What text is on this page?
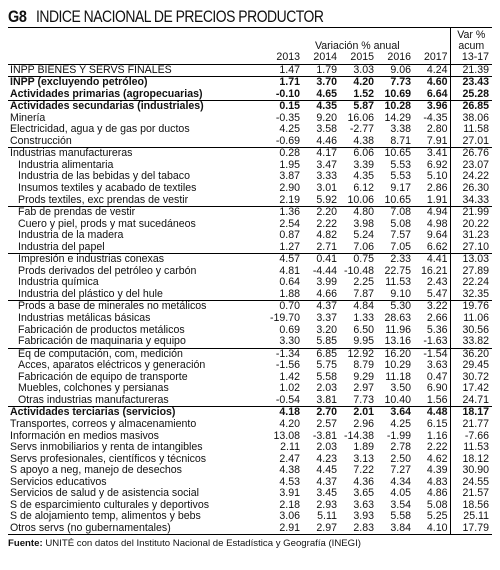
G8 INDICE NACIONAL DE PRECIOS PRODUCTOR
	Variación % anual					Var %
acum
	2013	2014	2015	2016	2017	13-17
INPP BIENES Y SERVS FINALES	1.47	1.79	3.03	9.06	4.24	21.39
INPP (excluyendo petróleo)	1.71	3.70	4.20	7.73	4.60	23.43
Actividades primarias (agropecuarias)	-0.10	4.65	1.52	10.69	6.64	25.28
Actividades secundarias (industriales)	0.15	4.35	5.87	10.28	3.96	26.85
Minería	-0.35	9.20	16.06	14.29	-4.35	38.06
Electricidad, agua y de gas por ductos	4.25	3.58	-2.77	3.38	2.80	11.58
Construcción	-0.69	4.46	4.38	8.71	7.91	27.01
Industrias manufactureras	0.28	4.17	6.06	10.65	3.41	26.76
Industria alimentaria	1.95	3.47	3.39	5.53	6.92	23.07
Industria de las bebidas y del tabaco	3.87	3.33	4.35	5.53	5.10	24.22
Insumos textiles y acabado de textiles	2.90	3.01	6.12	9.17	2.86	26.30
Prods textiles, exc prendas de vestir	2.19	5.92	10.06	10.65	1.91	34.33
Fab de prendas de vestir	1.36	2.20	4.80	7.08	4.94	21.99
Cuero y piel, prods y mat sucedáneos	2.54	2.22	3.98	5.08	4.98	20.22
Industria de la madera	0.87	4.82	5.24	7.57	9.64	31.23
Industria del papel	1.27	2.71	7.06	7.05	6.62	27.10
Impresión e industrias conexas	4.57	0.41	0.75	2.33	4.41	13.03
Prods derivados del petróleo y carbón	4.81	-4.44	-10.48	22.75	16.21	27.89
Industria química	0.64	3.99	2.25	11.53	2.43	22.24
Industria del plástico y del hule	1.88	4.66	7.87	9.10	5.47	32.35
Prods a base de minerales no metálicos	0.70	4.37	4.84	5.30	3.22	19.76
Industrias metálicas básicas	-19.70	3.37	1.33	28.63	2.66	11.06
Fabricación de productos metálicos	0.69	3.20	6.50	11.96	5.36	30.56
Fabricación de maquinaria y equipo	3.30	5.85	9.95	13.16	-1.63	33.82
Eq de computación, com, medición	-1.34	6.85	12.92	16.20	-1.54	36.20
Acces, aparatos eléctricos y generación	-1.56	5.75	8.79	10.29	3.63	29.45
Fabricación de equipo de transporte	1.42	5.58	9.29	11.18	0.47	30.72
Muebles, colchones y persianas	1.02	2.03	2.97	3.50	6.90	17.42
Otras industrias manufactureras	-0.54	3.81	7.73	10.40	1.56	24.71
Actividades terciarias (servicios)	4.18	2.70	2.01	3.64	4.48	18.17
Transportes, correos y almacenamiento	4.20	2.57	2.96	4.25	6.15	21.77
Información en medios masivos	13.08	-3.81	-14.38	-1.99	1.16	-7.66
Servs inmobiliarios y renta de intangibles	2.11	2.03	1.89	2.78	2.22	11.53
Servs profesionales, científicos y técnicos	2.47	4.23	3.13	2.50	4.62	18.12
S apoyo a neg, manejo de desechos	4.38	4.45	7.22	7.27	4.39	30.90
Servicios educativos	4.53	4.37	4.36	4.34	4.83	24.55
Servicios de salud y de asistencia social	3.91	3.45	3.65	4.05	4.86	21.57
S de esparcimiento culturales y deportivos	2.18	2.93	3.63	3.54	5.08	18.56
S de alojamiento temp, alimentos y bebs	3.06	5.11	3.93	5.58	5.25	25.11
Otros servs (no gubernamentales)	2.91	2.97	2.83	3.84	4.10	17.79
Fuente: UNITÉ con datos del Instituto Nacional de Estadística y Geografía (INEGI)
